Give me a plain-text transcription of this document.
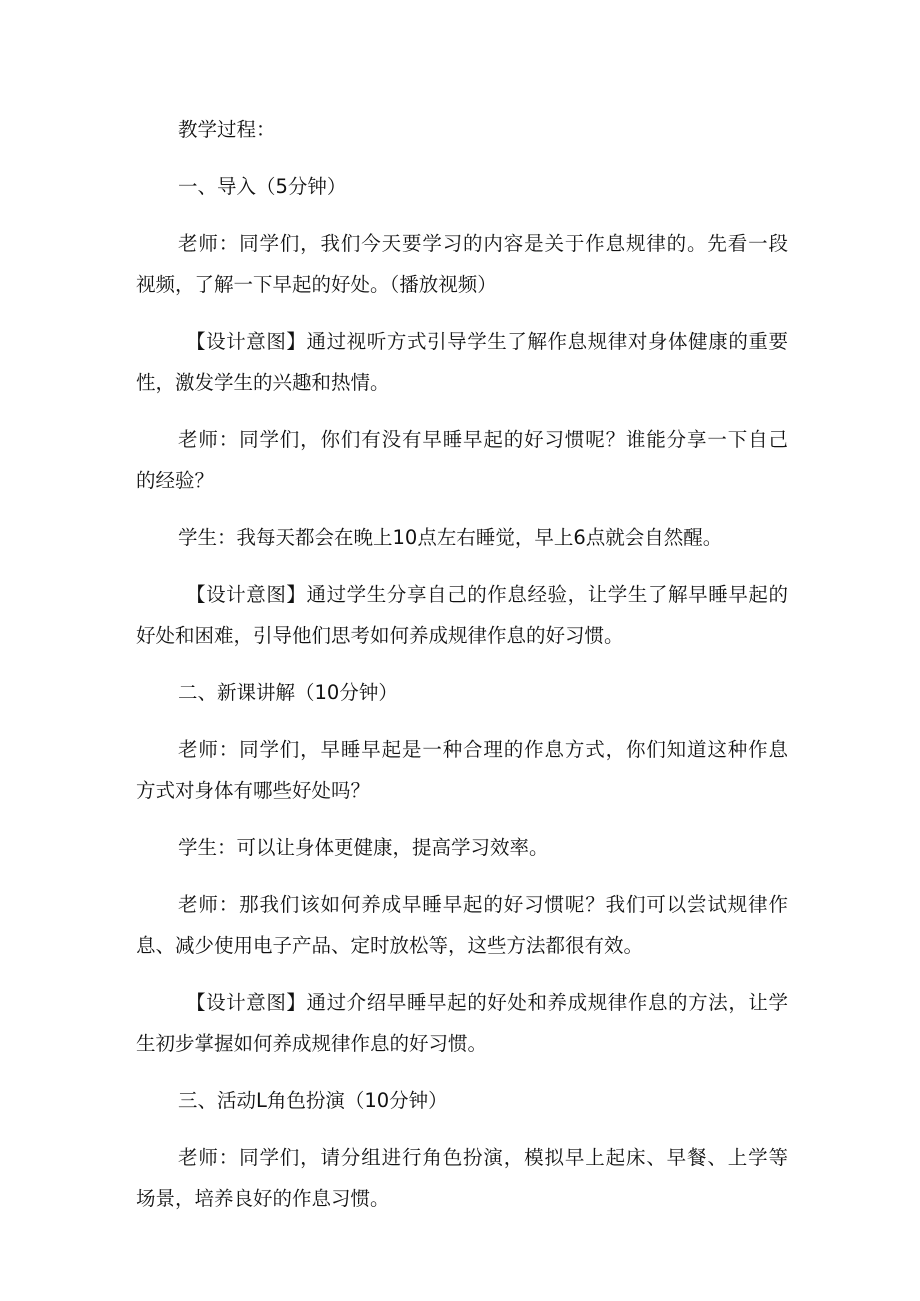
教学过程：
一、导入（5分钟）
老师：同学们，我们今天要学习的内容是关于作息规律的。先看一段
视频，了解一下早起的好处。（播放视频）
【设计意图】通过视听方式引导学生了解作息规律对身体健康的重要
性，激发学生的兴趣和热情。
老师：同学们，你们有没有早睡早起的好习惯呢？谁能分享一下自己
的经验？
学生：我每天都会在晚上10点左右睡觉，早上6点就会自然醒。
【设计意图】通过学生分享自己的作息经验，让学生了解早睡早起的
好处和困难，引导他们思考如何养成规律作息的好习惯。
二、新课讲解（10分钟）
老师：同学们，早睡早起是一种合理的作息方式，你们知道这种作息
方式对身体有哪些好处吗？
学生：可以让身体更健康，提高学习效率。
老师：那我们该如何养成早睡早起的好习惯呢？我们可以尝试规律作
息、减少使用电子产品、定时放松等，这些方法都很有效。
【设计意图】通过介绍早睡早起的好处和养成规律作息的方法，让学
生初步掌握如何养成规律作息的好习惯。
三、活动L角色扮演（10分钟）
老师：同学们，请分组进行角色扮演，模拟早上起床、早餐、上学等
场景，培养良好的作息习惯。
